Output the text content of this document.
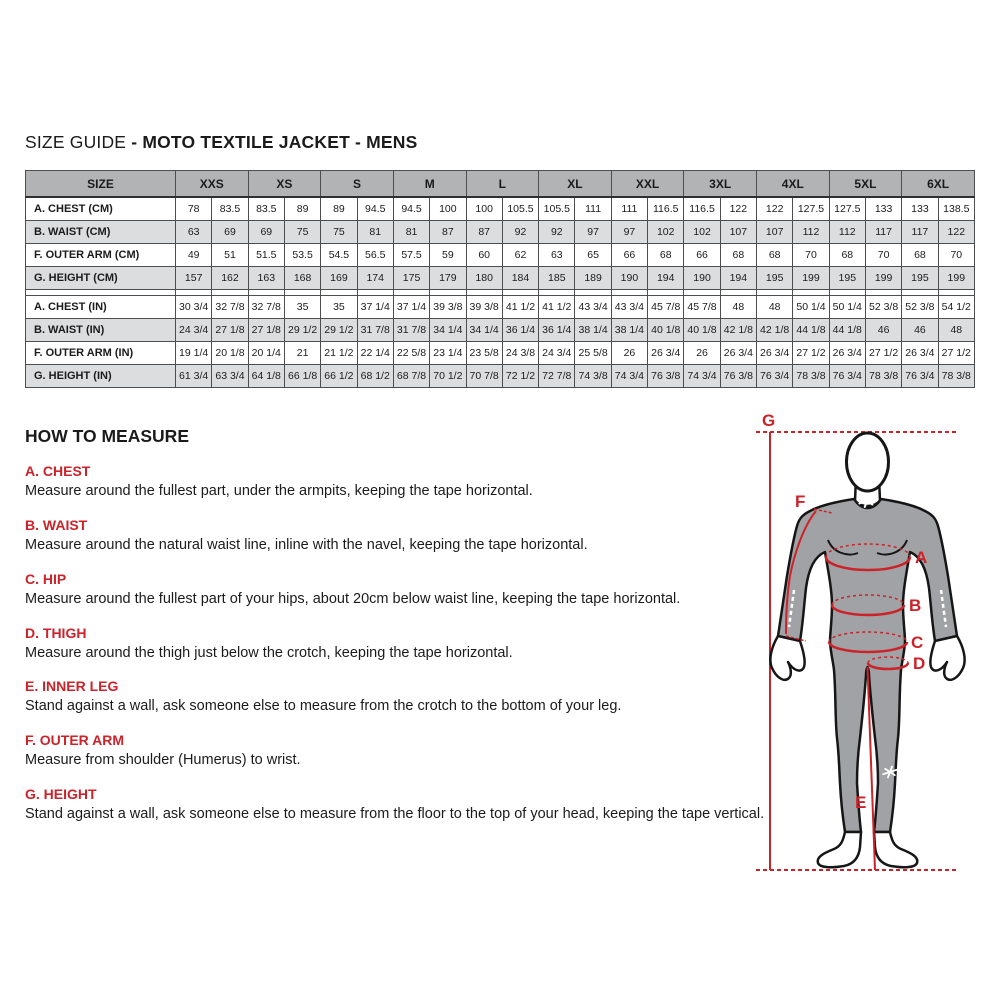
SIZE GUIDE - MOTO TEXTILE JACKET - MENS
SIZE	XXS		XS		S		M		L		XL		XXL		3XL		4XL		5XL		6XL	
A. CHEST (CM)	78	83.5	83.5	89	89	94.5	94.5	100	100	105.5	105.5	111	111	116.5	116.5	122	122	127.5	127.5	133	133	138.5
B. WAIST (CM)	63	69	69	75	75	81	81	87	87	92	92	97	97	102	102	107	107	112	112	117	117	122
F. OUTER ARM (CM)	49	51	51.5	53.5	54.5	56.5	57.5	59	60	62	63	65	66	68	66	68	68	70	68	70	68	70
G. HEIGHT (CM)	157	162	163	168	169	174	175	179	180	184	185	189	190	194	190	194	195	199	195	199	195	199

A. CHEST (IN)	30 3/4	32 7/8	32 7/8	35	35	37 1/4	37 1/4	39 3/8	39 3/8	41 1/2	41 1/2	43 3/4	43 3/4	45 7/8	45 7/8	48	48	50 1/4	50 1/4	52 3/8	52 3/8	54 1/2
B. WAIST (IN)	24 3/4	27 1/8	27 1/8	29 1/2	29 1/2	31 7/8	31 7/8	34 1/4	34 1/4	36 1/4	36 1/4	38 1/4	38 1/4	40 1/8	40 1/8	42 1/8	42 1/8	44 1/8	44 1/8	46	46	48
F. OUTER ARM (IN)	19 1/4	20 1/8	20 1/4	21	21 1/2	22 1/4	22 5/8	23 1/4	23 5/8	24 3/8	24 3/4	25 5/8	26	26 3/4	26	26 3/4	26 3/4	27 1/2	26 3/4	27 1/2	26 3/4	27 1/2
G. HEIGHT (IN)	61 3/4	63 3/4	64 1/8	66 1/8	66 1/2	68 1/2	68 7/8	70 1/2	70 7/8	72 1/2	72 7/8	74 3/8	74 3/4	76 3/8	74 3/4	76 3/8	76 3/4	78 3/8	76 3/4	78 3/8	76 3/4	78 3/8
HOW TO MEASURE
A. CHEST

Measure around the fullest part, under the armpits, keeping the tape horizontal.

B. WAIST

Measure around the natural waist line, inline with the navel, keeping the tape horizontal.

C. HIP

Measure around the fullest part of your hips, about 20cm below waist line, keeping the tape horizontal.

D. THIGH

Measure around the thigh just below the crotch, keeping the tape horizontal.

E. INNER LEG

Stand against a wall, ask someone else to measure from the crotch to the bottom of your leg.

F. OUTER ARM

Measure from shoulder (Humerus) to wrist.

G. HEIGHT

Stand against a wall, ask someone else to measure from the floor to the top of your head, keeping the tape vertical.

G
F
A
B
C
D
E
